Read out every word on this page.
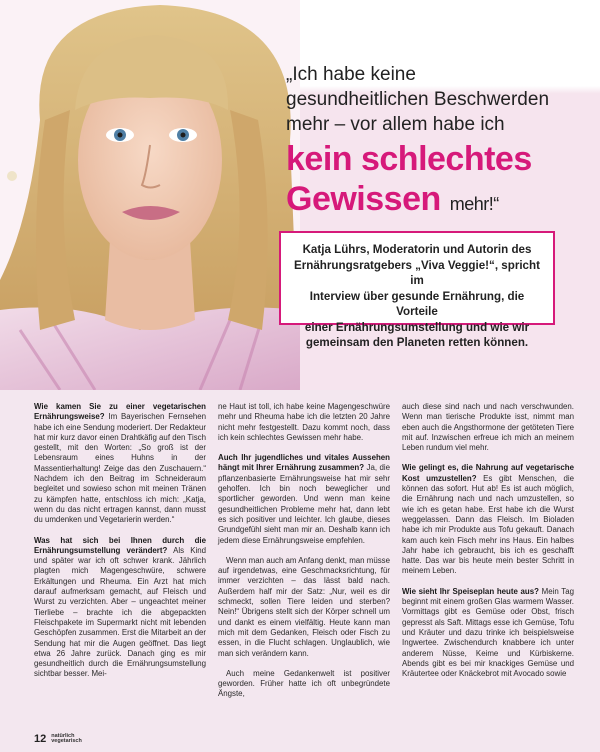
„Ich habe keine
gesundheitlichen Beschwerden
mehr – vor allem habe ich
kein schlechtes
Gewissen mehr!“
Katja Lührs, Moderatorin und Autorin des
Ernährungsratgebers „Viva Veggie!“, spricht im
Interview über gesunde Ernährung, die Vorteile
einer Ernährungsumstellung und wie wir
gemeinsam den Planeten retten können.

Wie kamen Sie zu einer vegetarischen Ernährungsweise? Im Bayerischen Fernsehen habe ich eine Sendung moderiert. Der Redakteur hat mir kurz davor einen Drahtkäfig auf den Tisch gestellt, mit den Worten: „So groß ist der Lebensraum eines Huhns in der Massentierhaltung! Zeige das den Zuschauern.“ Nachdem ich den Beitrag im Schneideraum begleitet und sowieso schon mit meinen Tränen zu kämpfen hatte, entschloss ich mich: „Katja, wenn du das nicht ertragen kannst, dann musst du umdenken und Vegetarierin werden.“

Was hat sich bei Ihnen durch die Ernährungsumstellung verändert? Als Kind und später war ich oft schwer krank. Jährlich plagten mich Magengeschwüre, schwere Erkältungen und Rheuma. Ein Arzt hat mich darauf aufmerksam gemacht, auf Fleisch und Wurst zu verzichten. Aber – ungeachtet meiner Tierliebe – brachte ich die abgepackten Fleischpakete im Supermarkt nicht mit lebenden Geschöpfen zusammen. Erst die Mitarbeit an der Sendung hat mir die Augen geöffnet. Das liegt etwa 26 Jahre zurück. Danach ging es mir gesundheitlich durch die Ernährungsumstellung sichtbar besser. Mei-

ne Haut ist toll, ich habe keine Magengeschwüre mehr und Rheuma habe ich die letzten 20 Jahre nicht mehr festgestellt. Dazu kommt noch, dass ich kein schlechtes Gewissen mehr habe.

Auch Ihr jugendliches und vitales Aussehen hängt mit Ihrer Ernährung zusammen? Ja, die pflanzenbasierte Ernährungsweise hat mir sehr geholfen. Ich bin noch beweglicher und sportlicher geworden. Und wenn man keine gesundheitlichen Probleme mehr hat, dann lebt es sich positiver und leichter. Ich glaube, dieses Grundgefühl sieht man mir an. Deshalb kann ich jedem diese Ernährungsweise empfehlen.

Wenn man auch am Anfang denkt, man müsse auf irgendetwas, eine Geschmacksrichtung, für immer verzichten – das lässt bald nach. Außerdem half mir der Satz: „Nur, weil es dir schmeckt, sollen Tiere leiden und sterben? Nein!“ Übrigens stellt sich der Körper schnell um und dankt es einem vielfältig. Heute kann man mich mit dem Gedanken, Fleisch oder Fisch zu essen, in die Flucht schlagen. Unglaublich, wie man sich verändern kann.

Auch meine Gedankenwelt ist positiver geworden. Früher hatte ich oft unbegründete Ängste,

auch diese sind nach und nach verschwunden. Wenn man tierische Produkte isst, nimmt man eben auch die Angsthormone der getöteten Tiere mit auf. Inzwischen erfreue ich mich an meinem Leben rundum viel mehr.

Wie gelingt es, die Nahrung auf vegetarische Kost umzustellen? Es gibt Menschen, die können das sofort. Hut ab! Es ist auch möglich, die Ernährung nach und nach umzustellen, so wie ich es getan habe. Erst habe ich die Wurst weggelassen. Dann das Fleisch. Im Bioladen habe ich mir Produkte aus Tofu gekauft. Danach kam auch kein Fisch mehr ins Haus. Ein halbes Jahr habe ich gebraucht, bis ich es geschafft hatte. Das war bis heute mein bester Schritt in meinem Leben.

Wie sieht Ihr Speiseplan heute aus? Mein Tag beginnt mit einem großen Glas warmem Wasser. Vormittags gibt es Gemüse oder Obst, frisch gepresst als Saft. Mittags esse ich Gemüse, Tofu und Kräuter und dazu trinke ich beispielsweise Ingwertee. Zwischendurch knabbere ich unter anderem Nüsse, Keime und Kürbiskerne. Abends gibt es bei mir knackiges Gemüse und Kräutertee oder Knäckebrot mit Avocado sowie

12 natürlich
vegetarisch
